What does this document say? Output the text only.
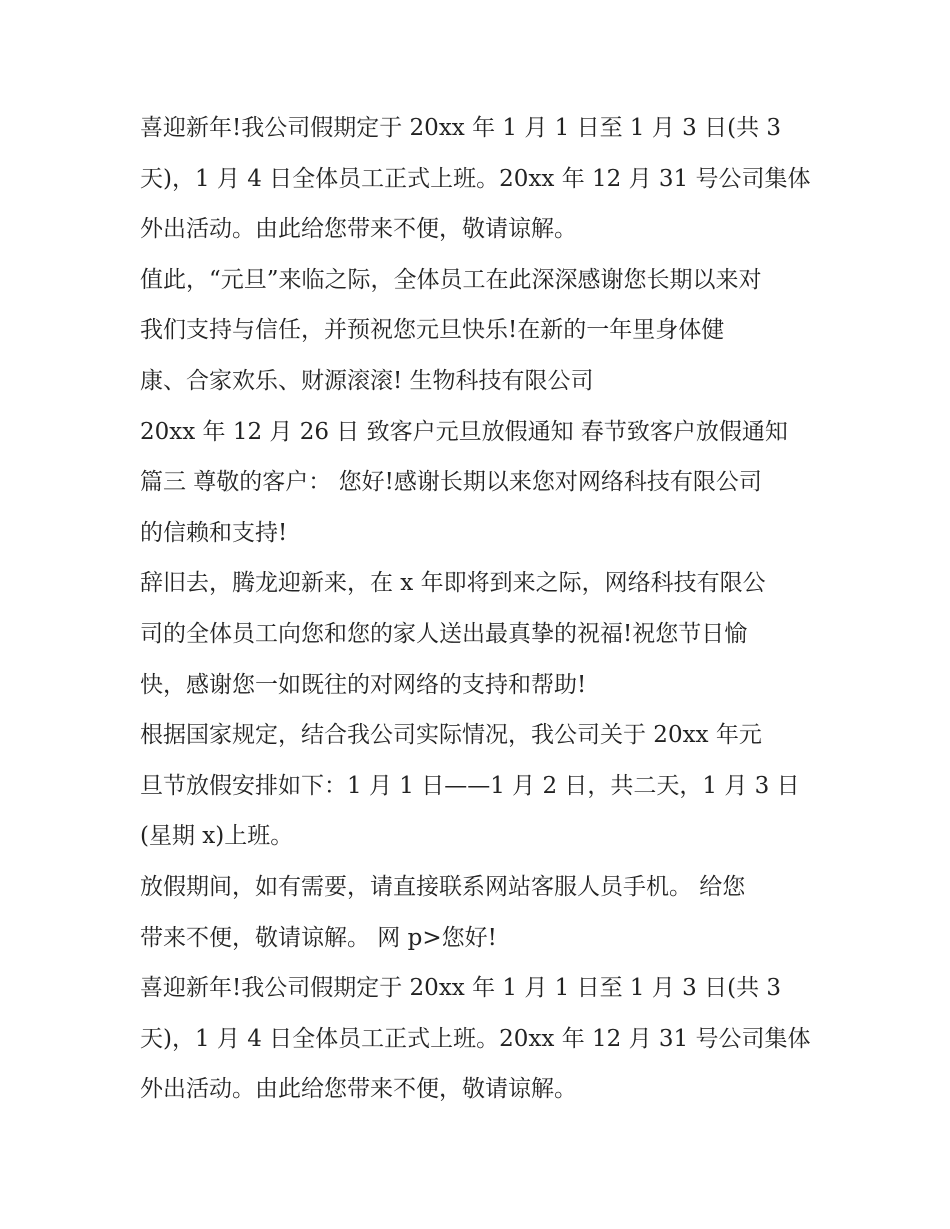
喜迎新年!我公司假期定于 20xx 年 1 月 1 日至 1 月 3 日(共 3
天)，1 月 4 日全体员工正式上班。20xx 年 12 月 31 号公司集体
外出活动。由此给您带来不便，敬请谅解。
值此，“元旦”来临之际，全体员工在此深深感谢您长期以来对
我们支持与信任，并预祝您元旦快乐!在新的一年里身体健
康、合家欢乐、财源滚滚! 生物科技有限公司
20xx 年 12 月 26 日 致客户元旦放假通知 春节致客户放假通知
篇三 尊敬的客户： 您好!感谢长期以来您对网络科技有限公司
的信赖和支持!
辞旧去，腾龙迎新来，在 x 年即将到来之际，网络科技有限公
司的全体员工向您和您的家人送出最真挚的祝福!祝您节日愉
快，感谢您一如既往的对网络的支持和帮助!
根据国家规定，结合我公司实际情况，我公司关于 20xx 年元
旦节放假安排如下：1 月 1 日——1 月 2 日，共二天，1 月 3 日
(星期 x)上班。
放假期间，如有需要，请直接联系网站客服人员手机。 给您
带来不便，敬请谅解。 网 p>您好!
喜迎新年!我公司假期定于 20xx 年 1 月 1 日至 1 月 3 日(共 3
天)，1 月 4 日全体员工正式上班。20xx 年 12 月 31 号公司集体
外出活动。由此给您带来不便，敬请谅解。
